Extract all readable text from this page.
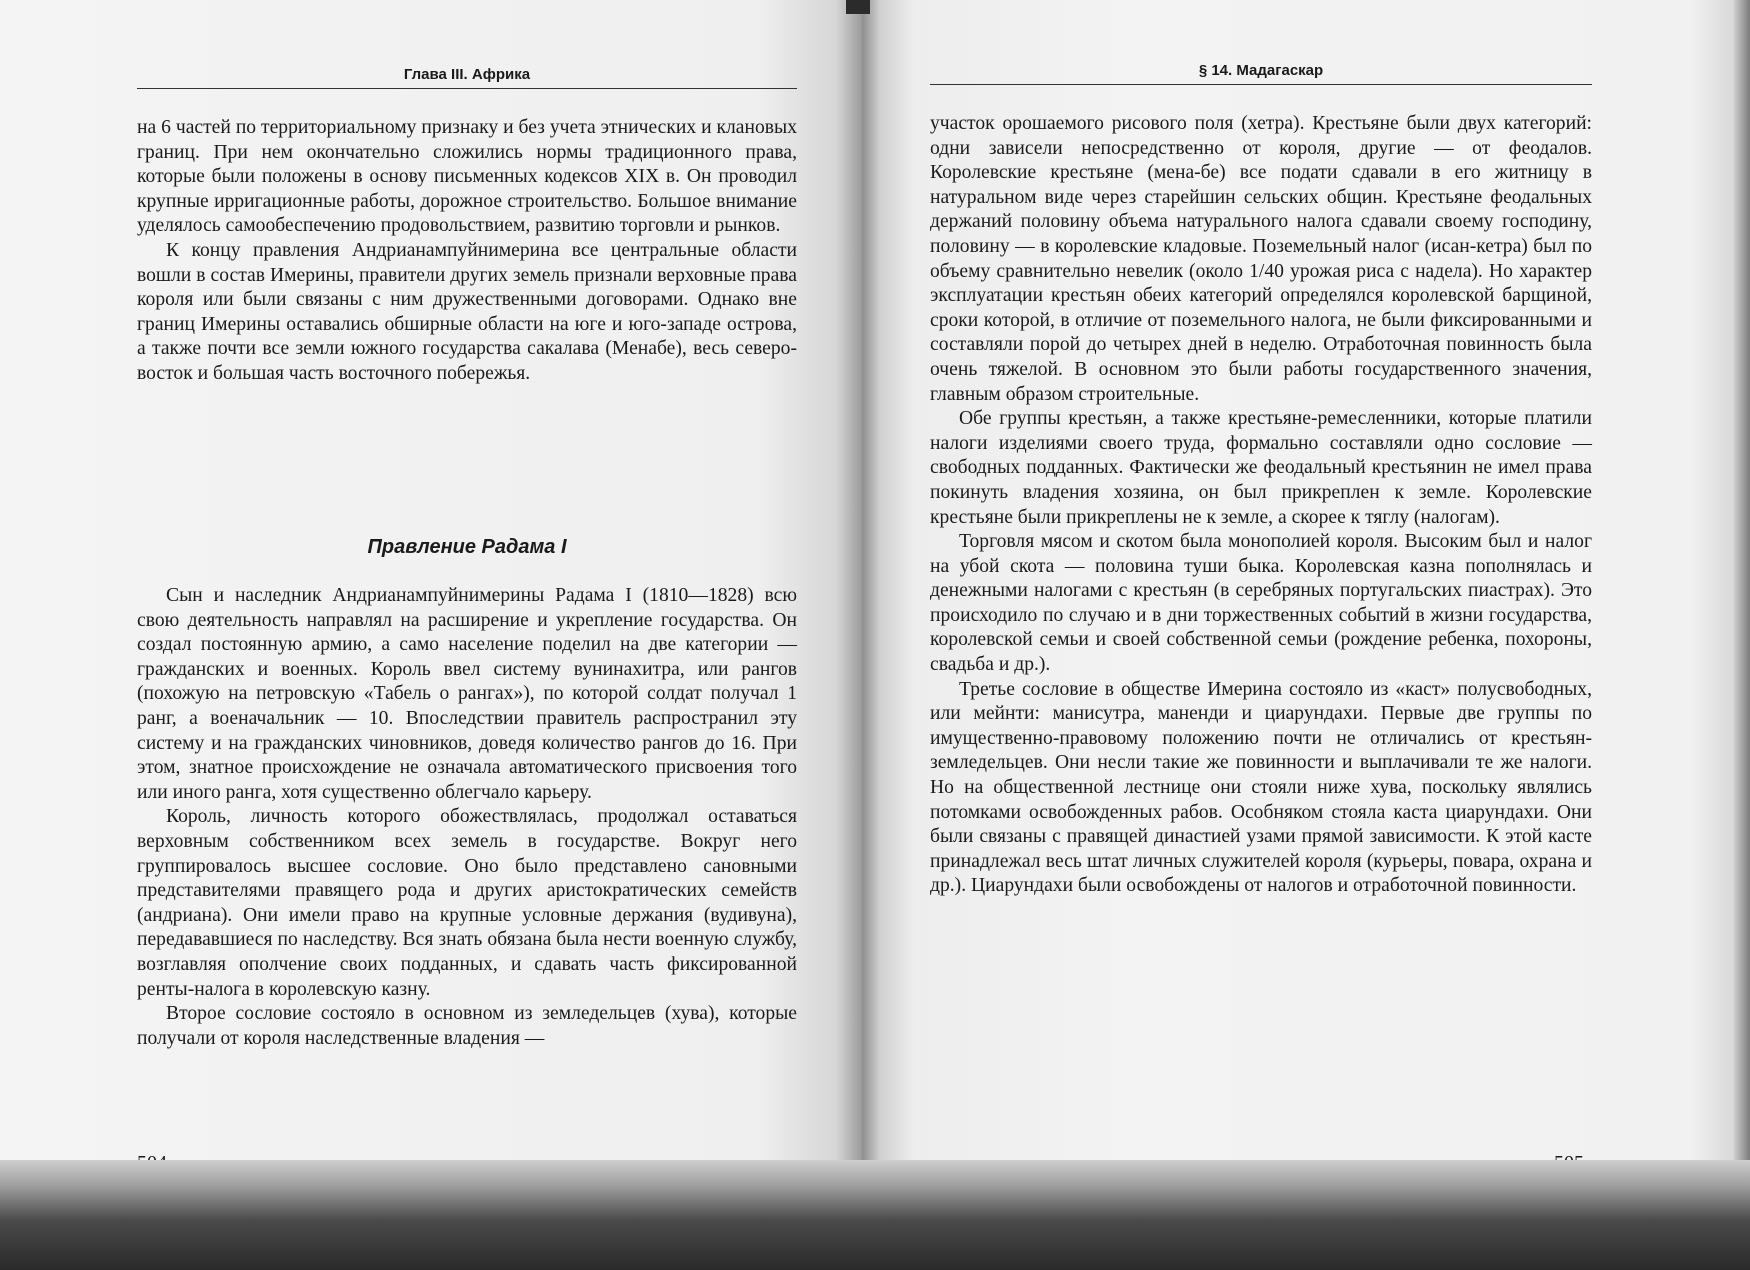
Глава III. Африка

на 6 частей по территориальному признаку и без учета этнических и клановых границ. При нем окончательно сложились нормы традиционного права, которые были положены в основу письменных кодексов XIX в. Он проводил крупные ирригационные работы, дорожное строительство. Большое внимание уделялось самообеспечению продовольствием, развитию торговли и рынков.

К концу правления Андрианампуйнимерина все центральные области вошли в состав Имерины, правители других земель признали верховные права короля или были связаны с ним дружественными договорами. Однако вне границ Имерины оставались обширные области на юге и юго-западе острова, а также почти все земли южного государства сакалава (Менабе), весь северо-восток и большая часть восточного побережья.

Правление Радама I

Сын и наследник Андрианампуйнимерины Радама I (1810—1828) всю свою деятельность направлял на расширение и укрепление государства. Он создал постоянную армию, а само население поделил на две категории — гражданских и военных. Король ввел систему вунинахитра, или рангов (похожую на петровскую «Табель о рангах»), по которой солдат получал 1 ранг, а военачальник — 10. Впоследствии правитель распространил эту систему и на гражданских чиновников, доведя количество рангов до 16. При этом, знатное происхождение не означала автоматического присвоения того или иного ранга, хотя существенно облегчало карьеру.

Король, личность которого обожествлялась, продолжал оставаться верховным собственником всех земель в государстве. Вокруг него группировалось высшее сословие. Оно было представлено сановными представителями правящего рода и других аристократических семейств (андриана). Они имели право на крупные условные держания (вудивуна), передававшиеся по наследству. Вся знать обязана была нести военную службу, возглавляя ополчение своих подданных, и сдавать часть фиксированной ренты-налога в королевскую казну.

Второе сословие состояло в основном из земледельцев (хува), которые получали от короля наследственные владения —

§ 14. Мадагаскар

участок орошаемого рисового поля (хетра). Крестьяне были двух категорий: одни зависели непосредственно от короля, другие — от феодалов. Королевские крестьяне (мена-бе) все подати сдавали в его житницу в натуральном виде через старейшин сельских общин. Крестьяне феодальных держаний половину объема натурального налога сдавали своему господину, половину — в королевские кладовые. Поземельный налог (исан-кетра) был по объему сравнительно невелик (около 1/40 урожая риса с надела). Но характер эксплуатации крестьян обеих категорий определялся королевской барщиной, сроки которой, в отличие от поземельного налога, не были фиксированными и составляли порой до четырех дней в неделю. Отработочная повинность была очень тяжелой. В основном это были работы государственного значения, главным образом строительные.

Обе группы крестьян, а также крестьяне-ремесленники, которые платили налоги изделиями своего труда, формально составляли одно сословие — свободных подданных. Фактически же феодальный крестьянин не имел права покинуть владения хозяина, он был прикреплен к земле. Королевские крестьяне были прикреплены не к земле, а скорее к тяглу (налогам).

Торговля мясом и скотом была монополией короля. Высоким был и налог на убой скота — половина туши быка. Королевская казна пополнялась и денежными налогами с крестьян (в серебряных португальских пиастрах). Это происходило по случаю и в дни торжественных событий в жизни государства, королевской семьи и своей собственной семьи (рождение ребенка, похороны, свадьба и др.).

Третье сословие в обществе Имерина состояло из «каст» полусвободных, или мейнти: манисутра, маненди и циарундахи. Первые две группы по имущественно-правовому положению почти не отличались от крестьян-земледельцев. Они несли такие же повинности и выплачивали те же налоги. Но на общественной лестнице они стояли ниже хува, поскольку являлись потомками освобожденных рабов. Особняком стояла каста циарундахи. Они были связаны с правящей династией узами прямой зависимости. К этой касте принадлежал весь штат личных служителей короля (курьеры, повара, охрана и др.). Циарундахи были освобождены от налогов и отработочной повинности.
